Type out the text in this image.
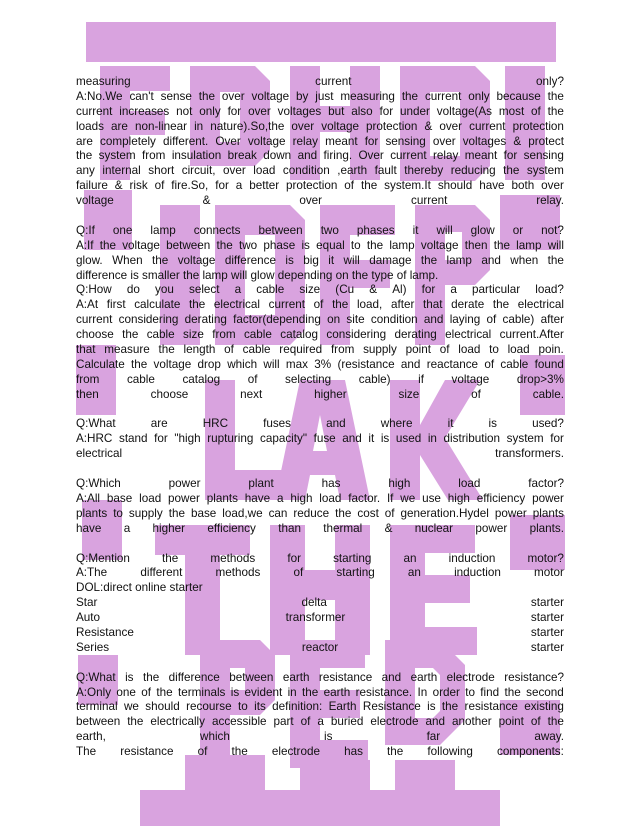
measuring	current	only?
A:No.We can't sense the over voltage by just measuring the current only because the
current increases not only for over voltages but also for under voltage(As most of the
loads are non-linear in nature).So,the over voltage protection & over current protection
are completely different. Over voltage relay meant for sensing over voltages & protect
the system from insulation break down and firing. Over current relay meant for sensing
any internal short circuit, over load condition ,earth fault thereby reducing the system
failure & risk of fire.So, for a better protection of the system.It should have both over
voltage	&	over	current	relay.
Q:If one lamp connects between two phases it will glow or not?
A:If the voltage between the two phase is equal to the lamp voltage then the lamp will
glow. When the voltage difference is big it will damage the lamp and when the
difference is smaller the lamp will glow depending on the type of lamp.
Q:How do you select a cable size (Cu & Al) for a particular load?
A:At first calculate the electrical current of the load, after that derate the electrical
current considering derating factor(depending on site condition and laying of cable) after
choose the cable size from cable catalog considering derating electrical current.After
that measure the length of cable required from supply point of load to load poin.
Calculate the voltage drop which will max 3% (resistance and reactance of cable found
from cable catalog of selecting cable) if voltage drop>3%
then	choose	next	higher	size	of	cable.
Q:What	are	HRC	fuses	and	where	it	is	used?
A:HRC stand for "high rupturing capacity" fuse and it is used in distribution system for
electrical	transformers.
Q:Which	power	plant	has	high	load	factor?
A:All base load power plants have a high load factor. If we use high efficiency power
plants to supply the base load,we can reduce the cost of generation.Hydel power plants
have a higher efficiency than thermal & nuclear power plants.
Q:Mention	the	methods	for	starting	an	induction	motor?
A:The	different	methods	of	starting	an	induction	motor
DOL:direct online starter
Star	delta	starter
Auto	transformer	starter
Resistance	starter
Series	reactor	starter
Q:What is the difference between earth resistance and earth electrode resistance?
A:Only one of the terminals is evident in the earth resistance. In order to find the second
terminal we should recourse to its definition: Earth Resistance is the resistance existing
between the electrically accessible part of a buried electrode and another point of the
earth,	which	is	far	away.
The resistance of the electrode has the following components:
